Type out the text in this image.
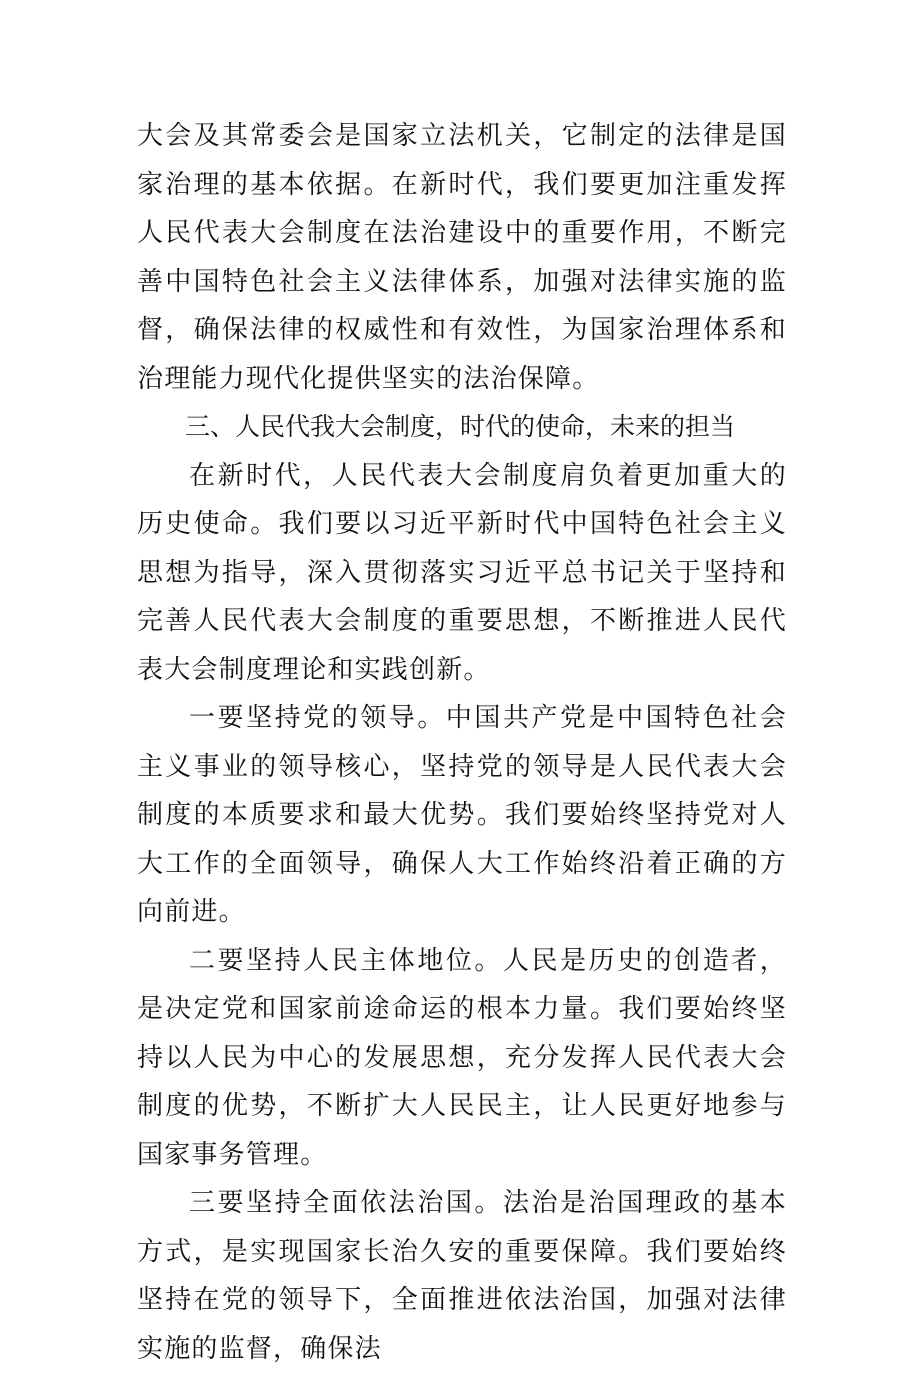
大会及其常委会是国家立法机关，它制定的法律是国家治理的基本依据。在新时代，我们要更加注重发挥人民代表大会制度在法治建设中的重要作用，不断完善中国特色社会主义法律体系，加强对法律实施的监督，确保法律的权威性和有效性，为国家治理体系和治理能力现代化提供坚实的法治保障。

三、人民代我大会制度，时代的使命，未来的担当

在新时代，人民代表大会制度肩负着更加重大的历史使命。我们要以习近平新时代中国特色社会主义思想为指导，深入贯彻落实习近平总书记关于坚持和完善人民代表大会制度的重要思想，不断推进人民代表大会制度理论和实践创新。

一要坚持党的领导。中国共产党是中国特色社会主义事业的领导核心，坚持党的领导是人民代表大会制度的本质要求和最大优势。我们要始终坚持党对人大工作的全面领导，确保人大工作始终沿着正确的方向前进。

二要坚持人民主体地位。人民是历史的创造者，是决定党和国家前途命运的根本力量。我们要始终坚持以人民为中心的发展思想，充分发挥人民代表大会制度的优势，不断扩大人民民主，让人民更好地参与国家事务管理。

三要坚持全面依法治国。法治是治国理政的基本方式，是实现国家长治久安的重要保障。我们要始终坚持在党的领导下，全面推进依法治国，加强对法律实施的监督，确保法
